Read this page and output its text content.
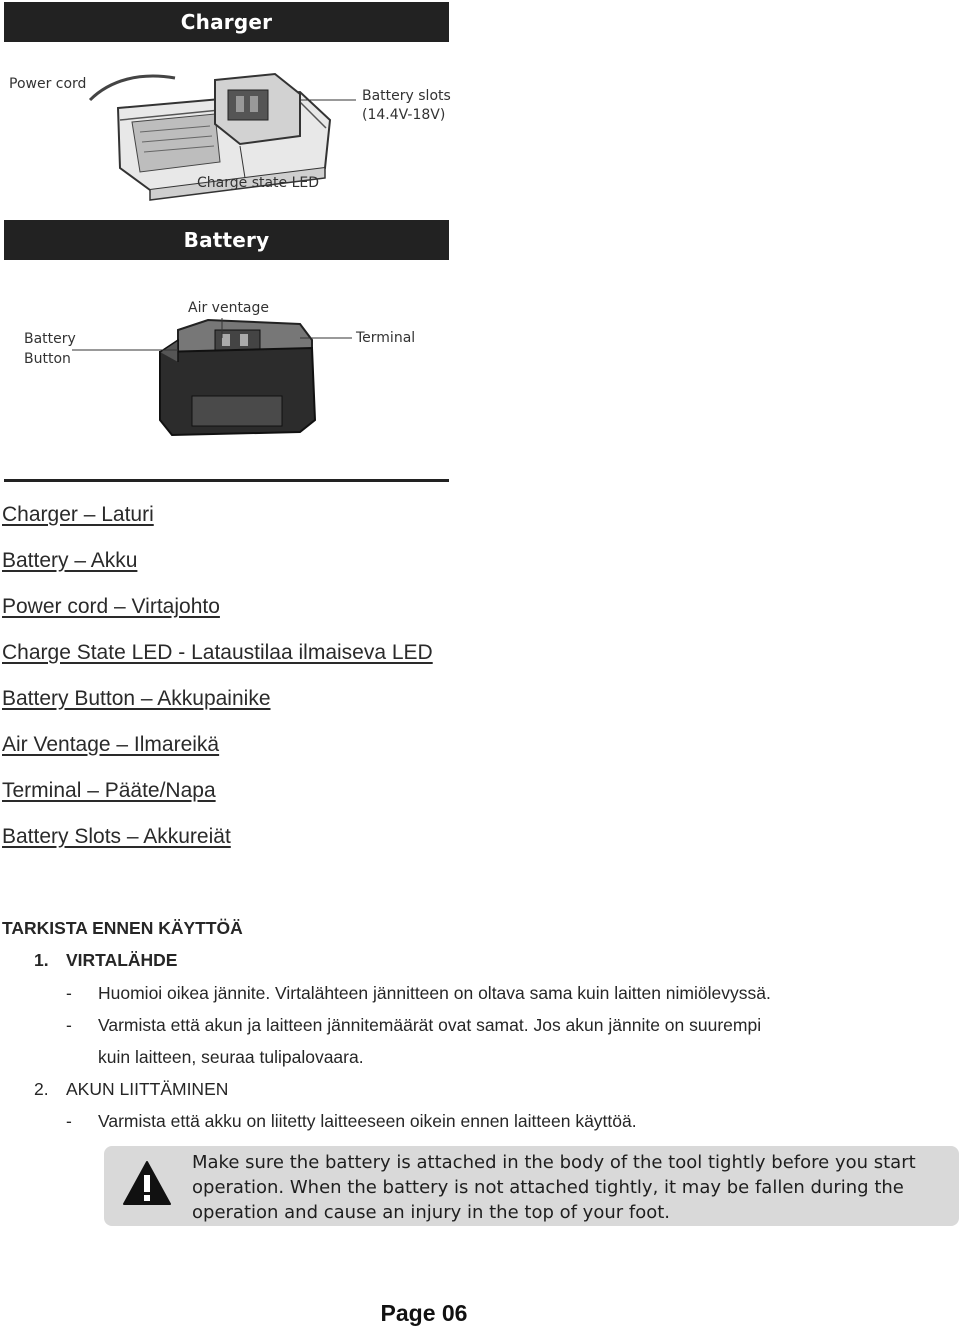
Charger
Power cord
Battery slots
(14.4V-18V)
Charge state LED
Battery
Air ventage
Battery
Button
Terminal
Charger – Laturi
Battery – Akku
Power cord – Virtajohto
Charge State LED - Lataustilaa ilmaiseva LED
Battery Button – Akkupainike
Air Ventage – Ilmareikä
Terminal – Pääte/Napa
Battery Slots – Akkureiät
TARKISTA ENNEN KÄYTTÖÄ
1. VIRTALÄHDE
- Huomioi oikea jännite. Virtalähteen jännitteen on oltava sama kuin laitten nimiölevyssä.
- Varmista että akun ja laitteen jännitemäärät ovat samat. Jos akun jännite on suurempi
kuin laitteen, seuraa tulipalovaara.
2. AKUN LIITTÄMINEN
- Varmista että akku on liitetty laitteeseen oikein ennen laitteen käyttöä.
Make sure the battery is attached in the body of the tool tightly before you start operation. When the battery is not attached tightly, it may be fallen during the operation and cause an injury in the top of your foot.
Page 06
